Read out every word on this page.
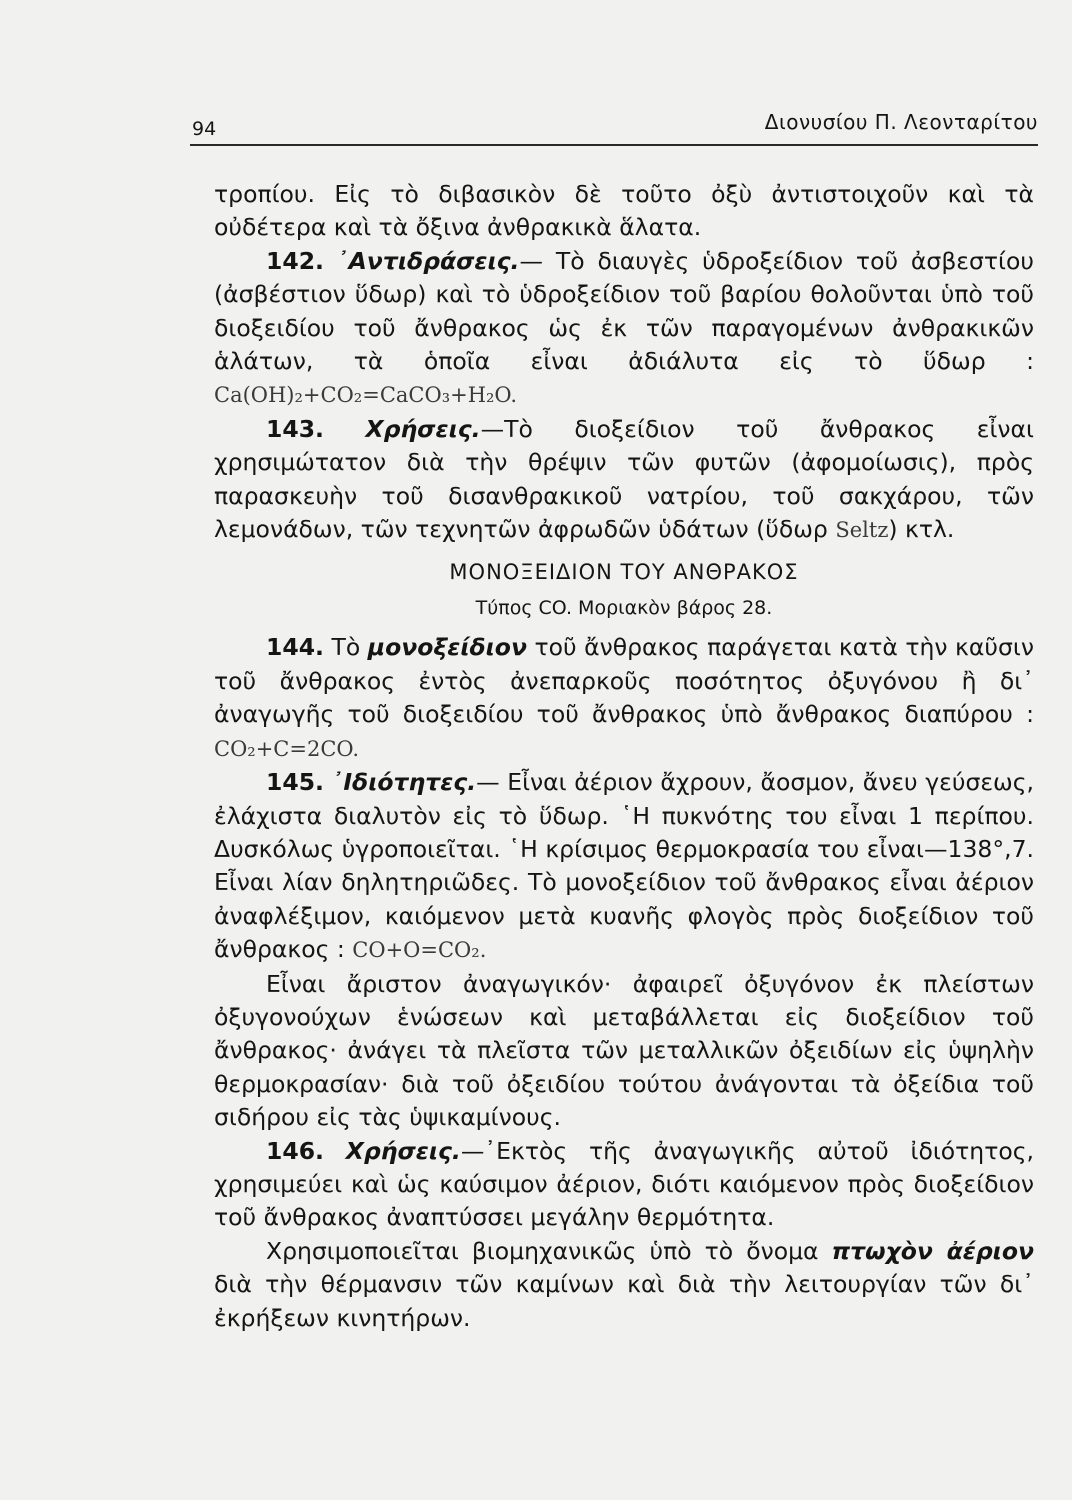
94	Διονυσίου Π. Λεονταρίτου

τροπίου. Εἰς τὸ διβασικὸν δὲ τοῦτο ὀξὺ ἀντιστοιχοῦν καὶ τὰ οὐδέτερα καὶ τὰ ὄξινα ἀνθρακικὰ ἅλατα.

142. ᾿Αντιδράσεις.— Τὸ διαυγὲς ὑδροξείδιον τοῦ ἀσβεστίου (ἀσβέστιον ὕδωρ) καὶ τὸ ὑδροξείδιον τοῦ βαρίου θολοῦνται ὑπὸ τοῦ διοξειδίου τοῦ ἄνθρακος ὡς ἐκ τῶν παραγομένων ἀνθρακικῶν ἁλάτων, τὰ ὁποῖα εἶναι ἀδιάλυτα εἰς τὸ ὕδωρ : Ca(OH)₂+CO₂=CaCO₃+H₂O.

143. Χρήσεις.—Τὸ διοξείδιον τοῦ ἄνθρακος εἶναι χρησιμώτατον διὰ τὴν θρέψιν τῶν φυτῶν (ἀφομοίωσις), πρὸς παρασκευὴν τοῦ δισανθρακικοῦ νατρίου, τοῦ σακχάρου, τῶν λεμονάδων, τῶν τεχνητῶν ἀφρωδῶν ὑδάτων (ὕδωρ Seltz) κτλ.

ΜΟΝΟΞΕΙΔΙΟΝ ΤΟΥ ΑΝΘΡΑΚΟΣ

Τύπος CO. Μοριακὸν βάρος 28.

144. Τὸ μονοξείδιον τοῦ ἄνθρακος παράγεται κατὰ τὴν καῦσιν τοῦ ἄνθρακος ἐντὸς ἀνεπαρκοῦς ποσότητος ὀξυγόνου ἢ δι᾿ ἀναγωγῆς τοῦ διοξειδίου τοῦ ἄνθρακος ὑπὸ ἄνθρακος διαπύρου : CO₂+C=2CO.

145. ᾿Ιδιότητες.— Εἶναι ἀέριον ἄχρουν, ἄοσμον, ἄνευ γεύσεως, ἐλάχιστα διαλυτὸν εἰς τὸ ὕδωρ. ῾Η πυκνότης του εἶναι 1 περίπου. Δυσκόλως ὑγροποιεῖται. ῾Η κρίσιμος θερμοκρασία του εἶναι—138°,7. Εἶναι λίαν δηλητηριῶδες. Τὸ μονοξείδιον τοῦ ἄνθρακος εἶναι ἀέριον ἀναφλέξιμον, καιόμενον μετὰ κυανῆς φλογὸς πρὸς διοξείδιον τοῦ ἄνθρακος : CO+O=CO₂.

Εἶναι ἄριστον ἀναγωγικόν· ἀφαιρεῖ ὀξυγόνον ἐκ πλείστων ὀξυγονούχων ἑνώσεων καὶ μεταβάλλεται εἰς διοξείδιον τοῦ ἄνθρακος· ἀνάγει τὰ πλεῖστα τῶν μεταλλικῶν ὀξειδίων εἰς ὑψηλὴν θερμοκρασίαν· διὰ τοῦ ὀξειδίου τούτου ἀνάγονται τὰ ὀξείδια τοῦ σιδήρου εἰς τὰς ὑψικαμίνους.

146. Χρήσεις.—᾿Εκτὸς τῆς ἀναγωγικῆς αὐτοῦ ἰδιότητος, χρησιμεύει καὶ ὡς καύσιμον ἀέριον, διότι καιόμενον πρὸς διοξείδιον τοῦ ἄνθρακος ἀναπτύσσει μεγάλην θερμότητα.

Χρησιμοποιεῖται βιομηχανικῶς ὑπὸ τὸ ὄνομα πτωχὸν ἀέριον διὰ τὴν θέρμανσιν τῶν καμίνων καὶ διὰ τὴν λειτουργίαν τῶν δι᾿ ἐκρήξεων κινητήρων.
